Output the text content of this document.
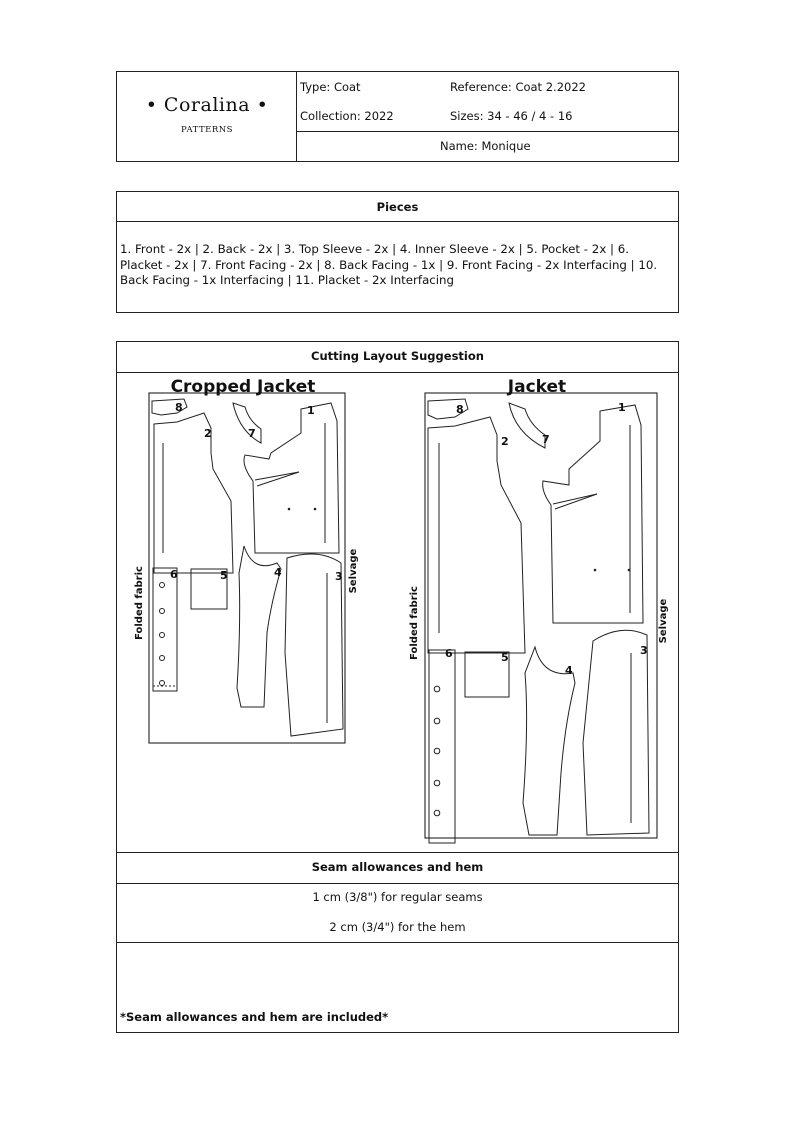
• Coralina •
PATTERNS
Type: Coat	Reference: Coat 2.2022
Collection: 2022	Sizes: 34 - 46 / 4 - 16
Name: Monique
Pieces
1. Front - 2x | 2. Back - 2x | 3. Top Sleeve - 2x | 4. Inner Sleeve - 2x | 5. Pocket - 2x | 6. Placket - 2x | 7. Front Facing - 2x | 8. Back Facing - 1x | 9. Front Facing - 2x Interfacing | 10. Back Facing - 1x Interfacing | 11. Placket - 2x Interfacing
Cutting Layout Suggestion
Cropped Jacket	Jacket
Folded fabric	Selvage
Folded fabric	Selvage
1
2
3
4
5
6
7
8	1
2
3
4
5
6
7
8
Seam allowances and hem
1 cm (3/8") for regular seams
2 cm (3/4") for the hem
*Seam allowances and hem are included*
